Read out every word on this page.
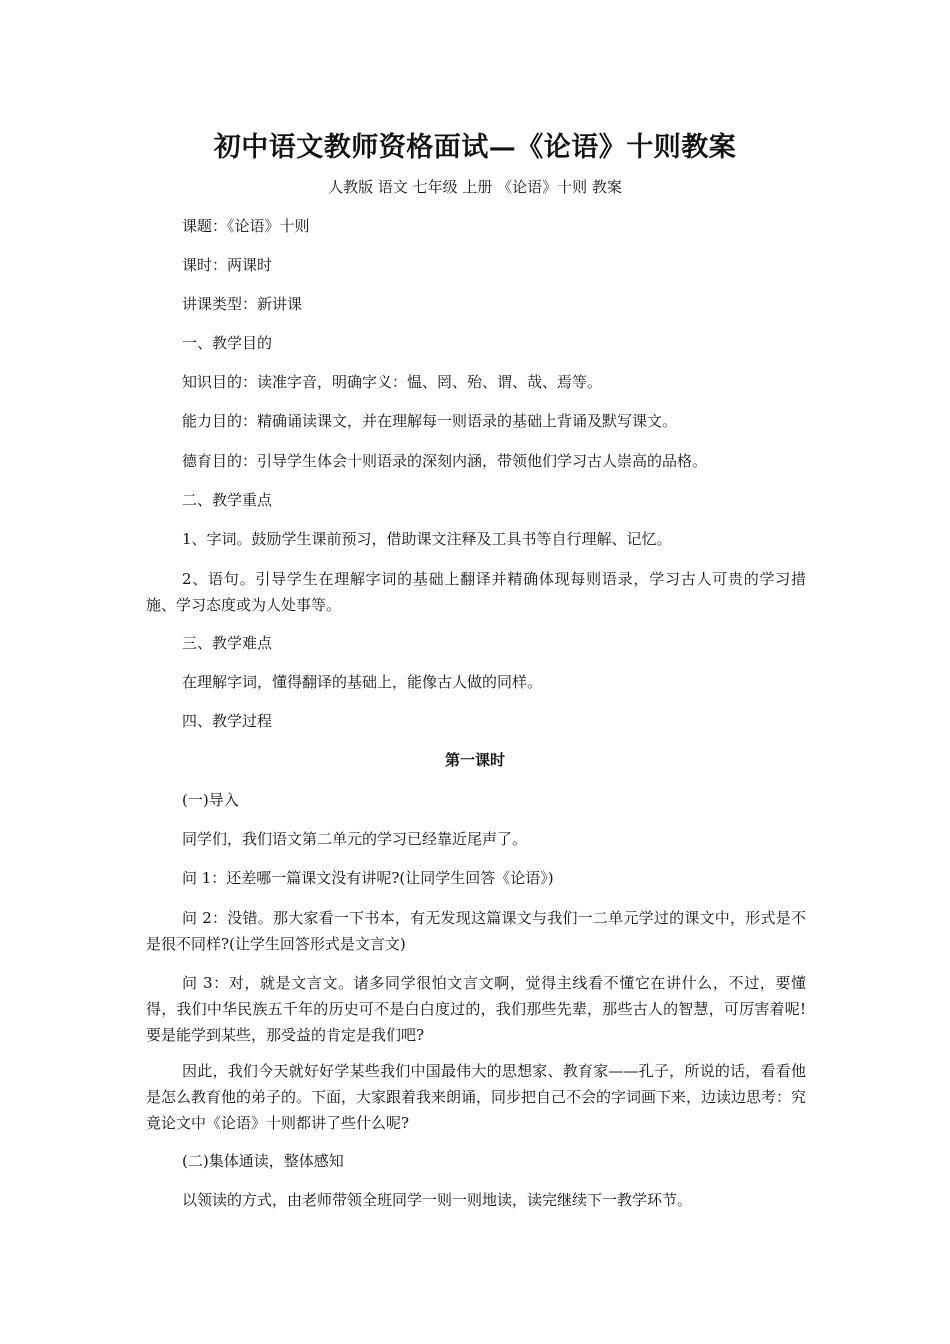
初中语文教师资格面试—《论语》十则教案
人教版 语文 七年级 上册 《论语》十则 教案
课题：《论语》十则
课时：两课时
讲课类型：新讲课
一、教学目的
知识目的：读准字音，明确字义：愠、罔、殆、谓、哉、焉等。
能力目的：精确诵读课文，并在理解每一则语录的基础上背诵及默写课文。
德育目的：引导学生体会十则语录的深刻内涵，带领他们学习古人崇高的品格。
二、教学重点
1、字词。鼓励学生课前预习，借助课文注释及工具书等自行理解、记忆。
2、语句。引导学生在理解字词的基础上翻译并精确体现每则语录，学习古人可贵的学习措施、学习态度或为人处事等。
三、教学难点
在理解字词，懂得翻译的基础上，能像古人做的同样。
四、教学过程
第一课时
(一)导入
同学们，我们语文第二单元的学习已经靠近尾声了。
问 1：还差哪一篇课文没有讲呢?(让同学生回答《论语》)
问 2：没错。那大家看一下书本，有无发现这篇课文与我们一二单元学过的课文中，形式是不是很不同样?(让学生回答形式是文言文)
问 3：对，就是文言文。诸多同学很怕文言文啊，觉得主线看不懂它在讲什么，不过，要懂得，我们中华民族五千年的历史可不是白白度过的，我们那些先辈，那些古人的智慧，可厉害着呢!要是能学到某些，那受益的肯定是我们吧?
因此，我们今天就好好学某些我们中国最伟大的思想家、教育家——孔子，所说的话，看看他是怎么教育他的弟子的。下面，大家跟着我来朗诵，同步把自己不会的字词画下来，边读边思考：究竟论文中《论语》十则都讲了些什么呢?
(二)集体通读，整体感知
以领读的方式，由老师带领全班同学一则一则地读，读完继续下一教学环节。
